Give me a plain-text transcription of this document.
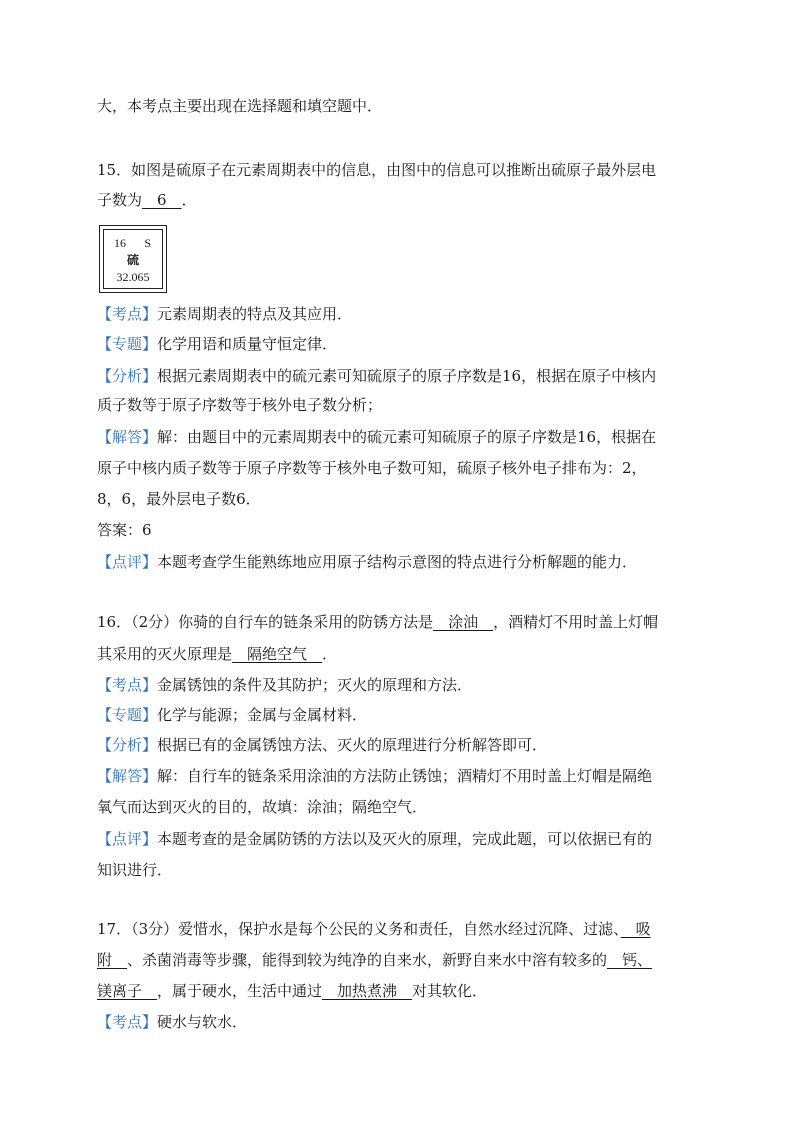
大，本考点主要出现在选择题和填空题中．
15．如图是硫原子在元素周期表中的信息，由图中的信息可以推断出硫原子最外层电
子数为　6　．
16 S
硫
32.065
【考点】元素周期表的特点及其应用．
【专题】化学用语和质量守恒定律．
【分析】根据元素周期表中的硫元素可知硫原子的原子序数是16，根据在原子中核内
质子数等于原子序数等于核外电子数分析；
【解答】解：由题目中的元素周期表中的硫元素可知硫原子的原子序数是16，根据在
原子中核内质子数等于原子序数等于核外电子数可知，硫原子核外电子排布为：2，
8，6，最外层电子数6．
答案：6
【点评】本题考查学生能熟练地应用原子结构示意图的特点进行分析解题的能力．
16．（2分）你骑的自行车的链条采用的防锈方法是　涂油　，酒精灯不用时盖上灯帽
其采用的灭火原理是　隔绝空气　．
【考点】金属锈蚀的条件及其防护；灭火的原理和方法．
【专题】化学与能源；金属与金属材料．
【分析】根据已有的金属锈蚀方法、灭火的原理进行分析解答即可．
【解答】解：自行车的链条采用涂油的方法防止锈蚀；酒精灯不用时盖上灯帽是隔绝
氧气而达到灭火的目的，故填：涂油；隔绝空气．
【点评】本题考查的是金属防锈的方法以及灭火的原理，完成此题，可以依据已有的
知识进行．
17．（3分）爱惜水，保护水是每个公民的义务和责任，自然水经过沉降、过滤、　吸
附　、杀菌消毒等步骤，能得到较为纯净的自来水，新野自来水中溶有较多的　钙、
镁离子　，属于硬水，生活中通过　加热煮沸　对其软化．
【考点】硬水与软水．
